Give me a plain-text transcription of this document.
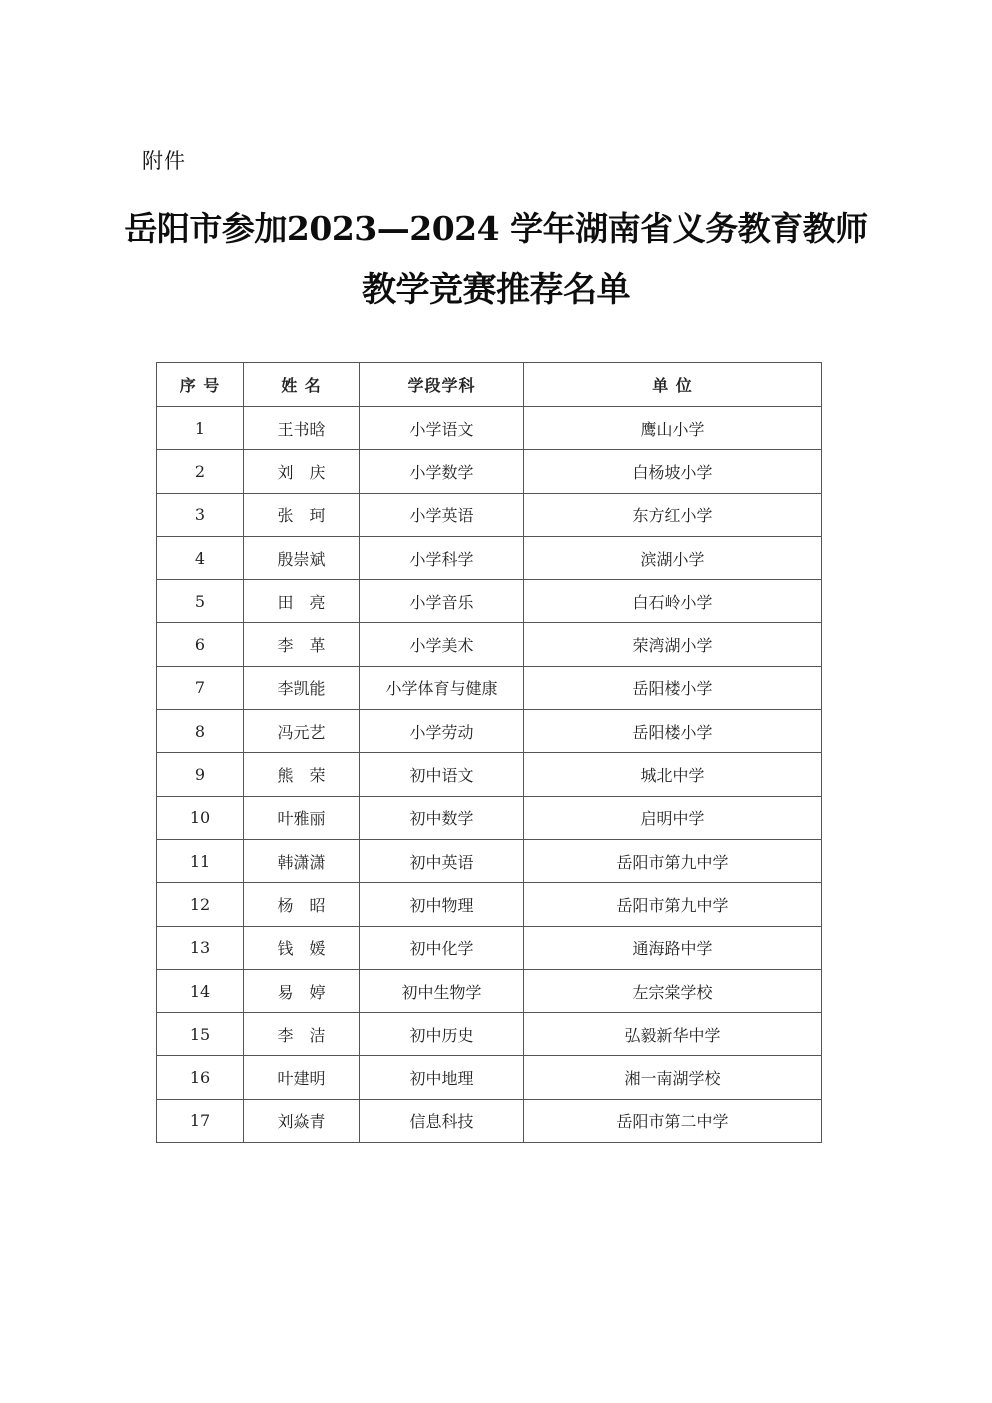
附件
岳阳市参加2023—2024 学年湖南省义务教育教师
教学竞赛推荐名单
序 号	姓 名	学段学科	单 位
1	王书晗	小学语文	鹰山小学
2	刘　庆	小学数学	白杨坡小学
3	张　珂	小学英语	东方红小学
4	殷崇斌	小学科学	滨湖小学
5	田　亮	小学音乐	白石岭小学
6	李　革	小学美术	荣湾湖小学
7	李凯能	小学体育与健康	岳阳楼小学
8	冯元艺	小学劳动	岳阳楼小学
9	熊　荣	初中语文	城北中学
10	叶雅丽	初中数学	启明中学
11	韩潇潇	初中英语	岳阳市第九中学
12	杨　昭	初中物理	岳阳市第九中学
13	钱　媛	初中化学	通海路中学
14	易　婷	初中生物学	左宗棠学校
15	李　洁	初中历史	弘毅新华中学
16	叶建明	初中地理	湘一南湖学校
17	刘焱青	信息科技	岳阳市第二中学
